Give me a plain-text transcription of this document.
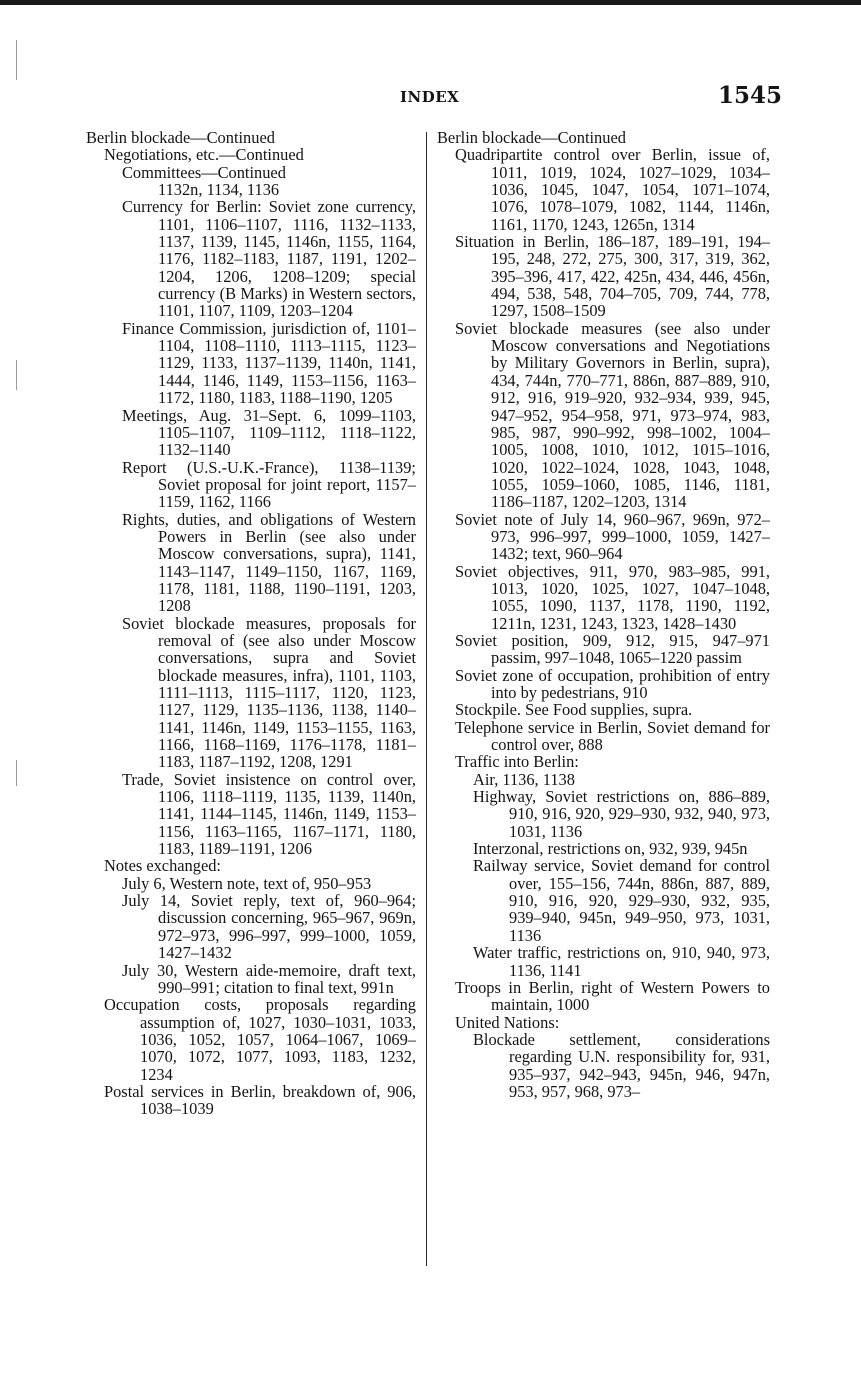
INDEX	1545

Berlin blockade—Continued

Negotiations, etc.—Continued

Committees—Continued

1132n, 1134, 1136

Currency for Berlin: Soviet zone currency, 1101, 1106–1107, 1116, 1132–1133, 1137, 1139, 1145, 1146n, 1155, 1164, 1176, 1182–1183, 1187, 1191, 1202–1204, 1206, 1208–1209; special currency (B Marks) in Western sectors, 1101, 1107, 1109, 1203–1204

Finance Commission, jurisdiction of, 1101–1104, 1108–1110, 1113–1115, 1123–1129, 1133, 1137–1139, 1140n, 1141, 1444, 1146, 1149, 1153–1156, 1163–1172, 1180, 1183, 1188–1190, 1205

Meetings, Aug. 31–Sept. 6, 1099–1103, 1105–1107, 1109–1112, 1118–1122, 1132–1140

Report (U.S.-U.K.-France), 1138–1139; Soviet proposal for joint report, 1157–1159, 1162, 1166

Rights, duties, and obligations of Western Powers in Berlin (see also under Moscow conversations, supra), 1141, 1143–1147, 1149–1150, 1167, 1169, 1178, 1181, 1188, 1190–1191, 1203, 1208

Soviet blockade measures, proposals for removal of (see also under Moscow conversations, supra and Soviet blockade measures, infra), 1101, 1103, 1111–1113, 1115–1117, 1120, 1123, 1127, 1129, 1135–1136, 1138, 1140–1141, 1146n, 1149, 1153–1155, 1163, 1166, 1168–1169, 1176–1178, 1181–1183, 1187–1192, 1208, 1291

Trade, Soviet insistence on control over, 1106, 1118–1119, 1135, 1139, 1140n, 1141, 1144–1145, 1146n, 1149, 1153–1156, 1163–1165, 1167–1171, 1180, 1183, 1189–1191, 1206

Notes exchanged:

July 6, Western note, text of, 950–953

July 14, Soviet reply, text of, 960–964; discussion concerning, 965–967, 969n, 972–973, 996–997, 999–1000, 1059, 1427–1432

July 30, Western aide-memoire, draft text, 990–991; citation to final text, 991n

Occupation costs, proposals regarding assumption of, 1027, 1030–1031, 1033, 1036, 1052, 1057, 1064–1067, 1069–1070, 1072, 1077, 1093, 1183, 1232, 1234

Postal services in Berlin, breakdown of, 906, 1038–1039

Berlin blockade—Continued

Quadripartite control over Berlin, issue of, 1011, 1019, 1024, 1027–1029, 1034–1036, 1045, 1047, 1054, 1071–1074, 1076, 1078–1079, 1082, 1144, 1146n, 1161, 1170, 1243, 1265n, 1314

Situation in Berlin, 186–187, 189–191, 194–195, 248, 272, 275, 300, 317, 319, 362, 395–396, 417, 422, 425n, 434, 446, 456n, 494, 538, 548, 704–705, 709, 744, 778, 1297, 1508–1509

Soviet blockade measures (see also under Moscow conversations and Negotiations by Military Governors in Berlin, supra), 434, 744n, 770–771, 886n, 887–889, 910, 912, 916, 919–920, 932–934, 939, 945, 947–952, 954–958, 971, 973–974, 983, 985, 987, 990–992, 998–1002, 1004–1005, 1008, 1010, 1012, 1015–1016, 1020, 1022–1024, 1028, 1043, 1048, 1055, 1059–1060, 1085, 1146, 1181, 1186–1187, 1202–1203, 1314

Soviet note of July 14, 960–967, 969n, 972–973, 996–997, 999–1000, 1059, 1427–1432; text, 960–964

Soviet objectives, 911, 970, 983–985, 991, 1013, 1020, 1025, 1027, 1047–1048, 1055, 1090, 1137, 1178, 1190, 1192, 1211n, 1231, 1243, 1323, 1428–1430

Soviet position, 909, 912, 915, 947–971 passim, 997–1048, 1065–1220 passim

Soviet zone of occupation, prohibition of entry into by pedestrians, 910

Stockpile. See Food supplies, supra.

Telephone service in Berlin, Soviet demand for control over, 888

Traffic into Berlin:

Air, 1136, 1138

Highway, Soviet restrictions on, 886–889, 910, 916, 920, 929–930, 932, 940, 973, 1031, 1136

Interzonal, restrictions on, 932, 939, 945n

Railway service, Soviet demand for control over, 155–156, 744n, 886n, 887, 889, 910, 916, 920, 929–930, 932, 935, 939–940, 945n, 949–950, 973, 1031, 1136

Water traffic, restrictions on, 910, 940, 973, 1136, 1141

Troops in Berlin, right of Western Powers to maintain, 1000

United Nations:

Blockade settlement, considerations regarding U.N. responsibility for, 931, 935–937, 942–943, 945n, 946, 947n, 953, 957, 968, 973–
